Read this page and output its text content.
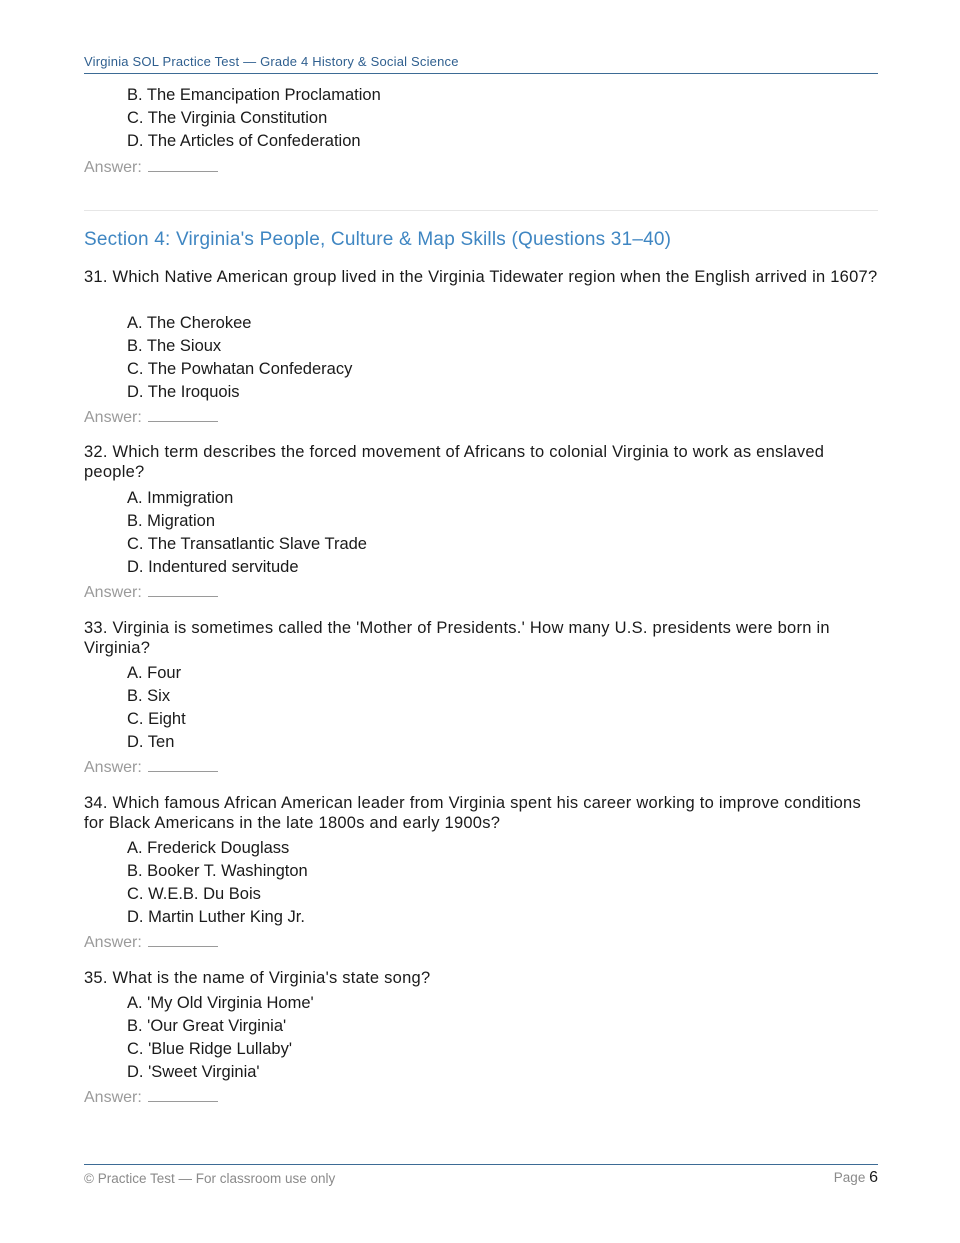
Virginia SOL Practice Test — Grade 4 History & Social Science
B. The Emancipation Proclamation
C. The Virginia Constitution
D. The Articles of Confederation
Answer:
Section 4: Virginia's People, Culture & Map Skills (Questions 31–40)
31. Which Native American group lived in the Virginia Tidewater region when the English arrived in 1607?
A. The Cherokee
B. The Sioux
C. The Powhatan Confederacy
D. The Iroquois
Answer:
32. Which term describes the forced movement of Africans to colonial Virginia to work as enslaved people?
A. Immigration
B. Migration
C. The Transatlantic Slave Trade
D. Indentured servitude
Answer:
33. Virginia is sometimes called the 'Mother of Presidents.' How many U.S. presidents were born in Virginia?
A. Four
B. Six
C. Eight
D. Ten
Answer:
34. Which famous African American leader from Virginia spent his career working to improve conditions for Black Americans in the late 1800s and early 1900s?
A. Frederick Douglass
B. Booker T. Washington
C. W.E.B. Du Bois
D. Martin Luther King Jr.
Answer:
35. What is the name of Virginia's state song?
A. 'My Old Virginia Home'
B. 'Our Great Virginia'
C. 'Blue Ridge Lullaby'
D. 'Sweet Virginia'
Answer:
© Practice Test — For classroom use only	Page 6
